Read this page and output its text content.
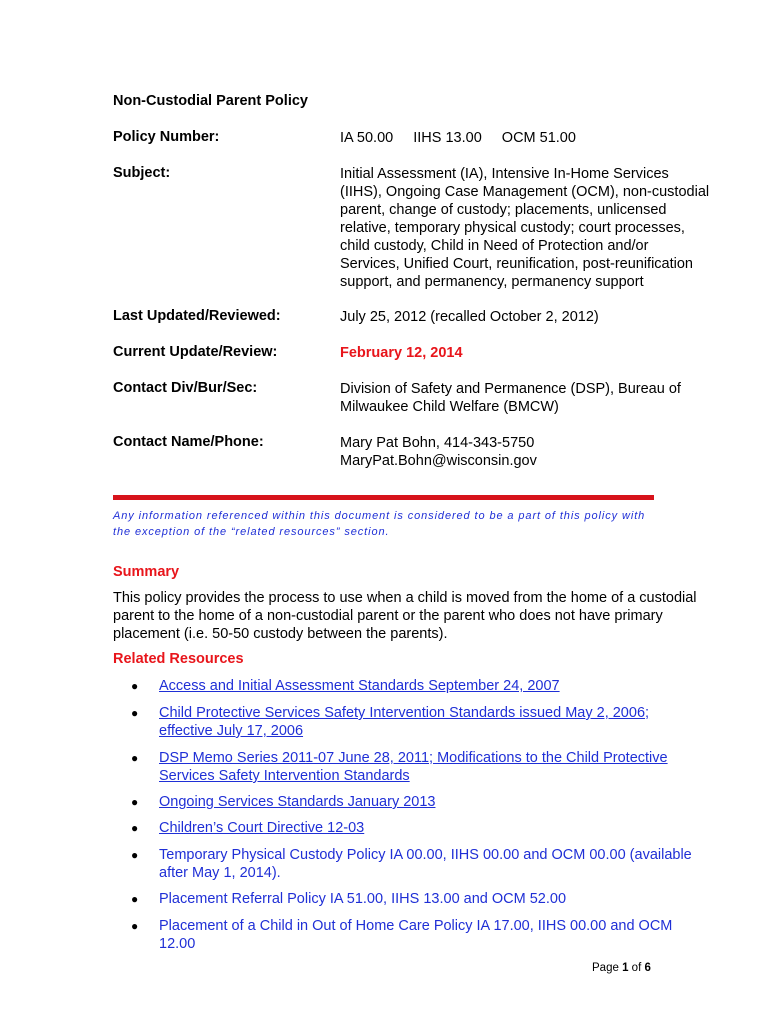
Non-Custodial Parent Policy
Policy Number:	IA 50.00 IIHS 13.00 OCM 51.00
Subject:	Initial Assessment (IA), Intensive In-Home Services
(IIHS), Ongoing Case Management (OCM), non-custodial
parent, change of custody; placements, unlicensed
relative, temporary physical custody; court processes,
child custody, Child in Need of Protection and/or
Services, Unified Court, reunification, post-reunification
support, and permanency, permanency support
Last Updated/Reviewed:	July 25, 2012 (recalled October 2, 2012)
Current Update/Review:	February 12, 2014
Contact Div/Bur/Sec:	Division of Safety and Permanence (DSP), Bureau of
Milwaukee Child Welfare (BMCW)
Contact Name/Phone:	Mary Pat Bohn, 414-343-5750
MaryPat.Bohn@wisconsin.gov
Any information referenced within this document is considered to be a part of this policy with
the exception of the “related resources” section.
Summary
This policy provides the process to use when a child is moved from the home of a custodial
parent to the home of a non-custodial parent or the parent who does not have primary
placement (i.e. 50-50 custody between the parents).
Related Resources
● Access and Initial Assessment Standards September 24, 2007
● Child Protective Services Safety Intervention Standards issued May 2, 2006;
effective July 17, 2006
● DSP Memo Series 2011-07 June 28, 2011; Modifications to the Child Protective
Services Safety Intervention Standards
● Ongoing Services Standards January 2013
● Children’s Court Directive 12-03
● Temporary Physical Custody Policy IA 00.00, IIHS 00.00 and OCM 00.00 (available
after May 1, 2014).
● Placement Referral Policy IA 51.00, IIHS 13.00 and OCM 52.00
● Placement of a Child in Out of Home Care Policy IA 17.00, IIHS 00.00 and OCM
12.00
Page 1 of 6
